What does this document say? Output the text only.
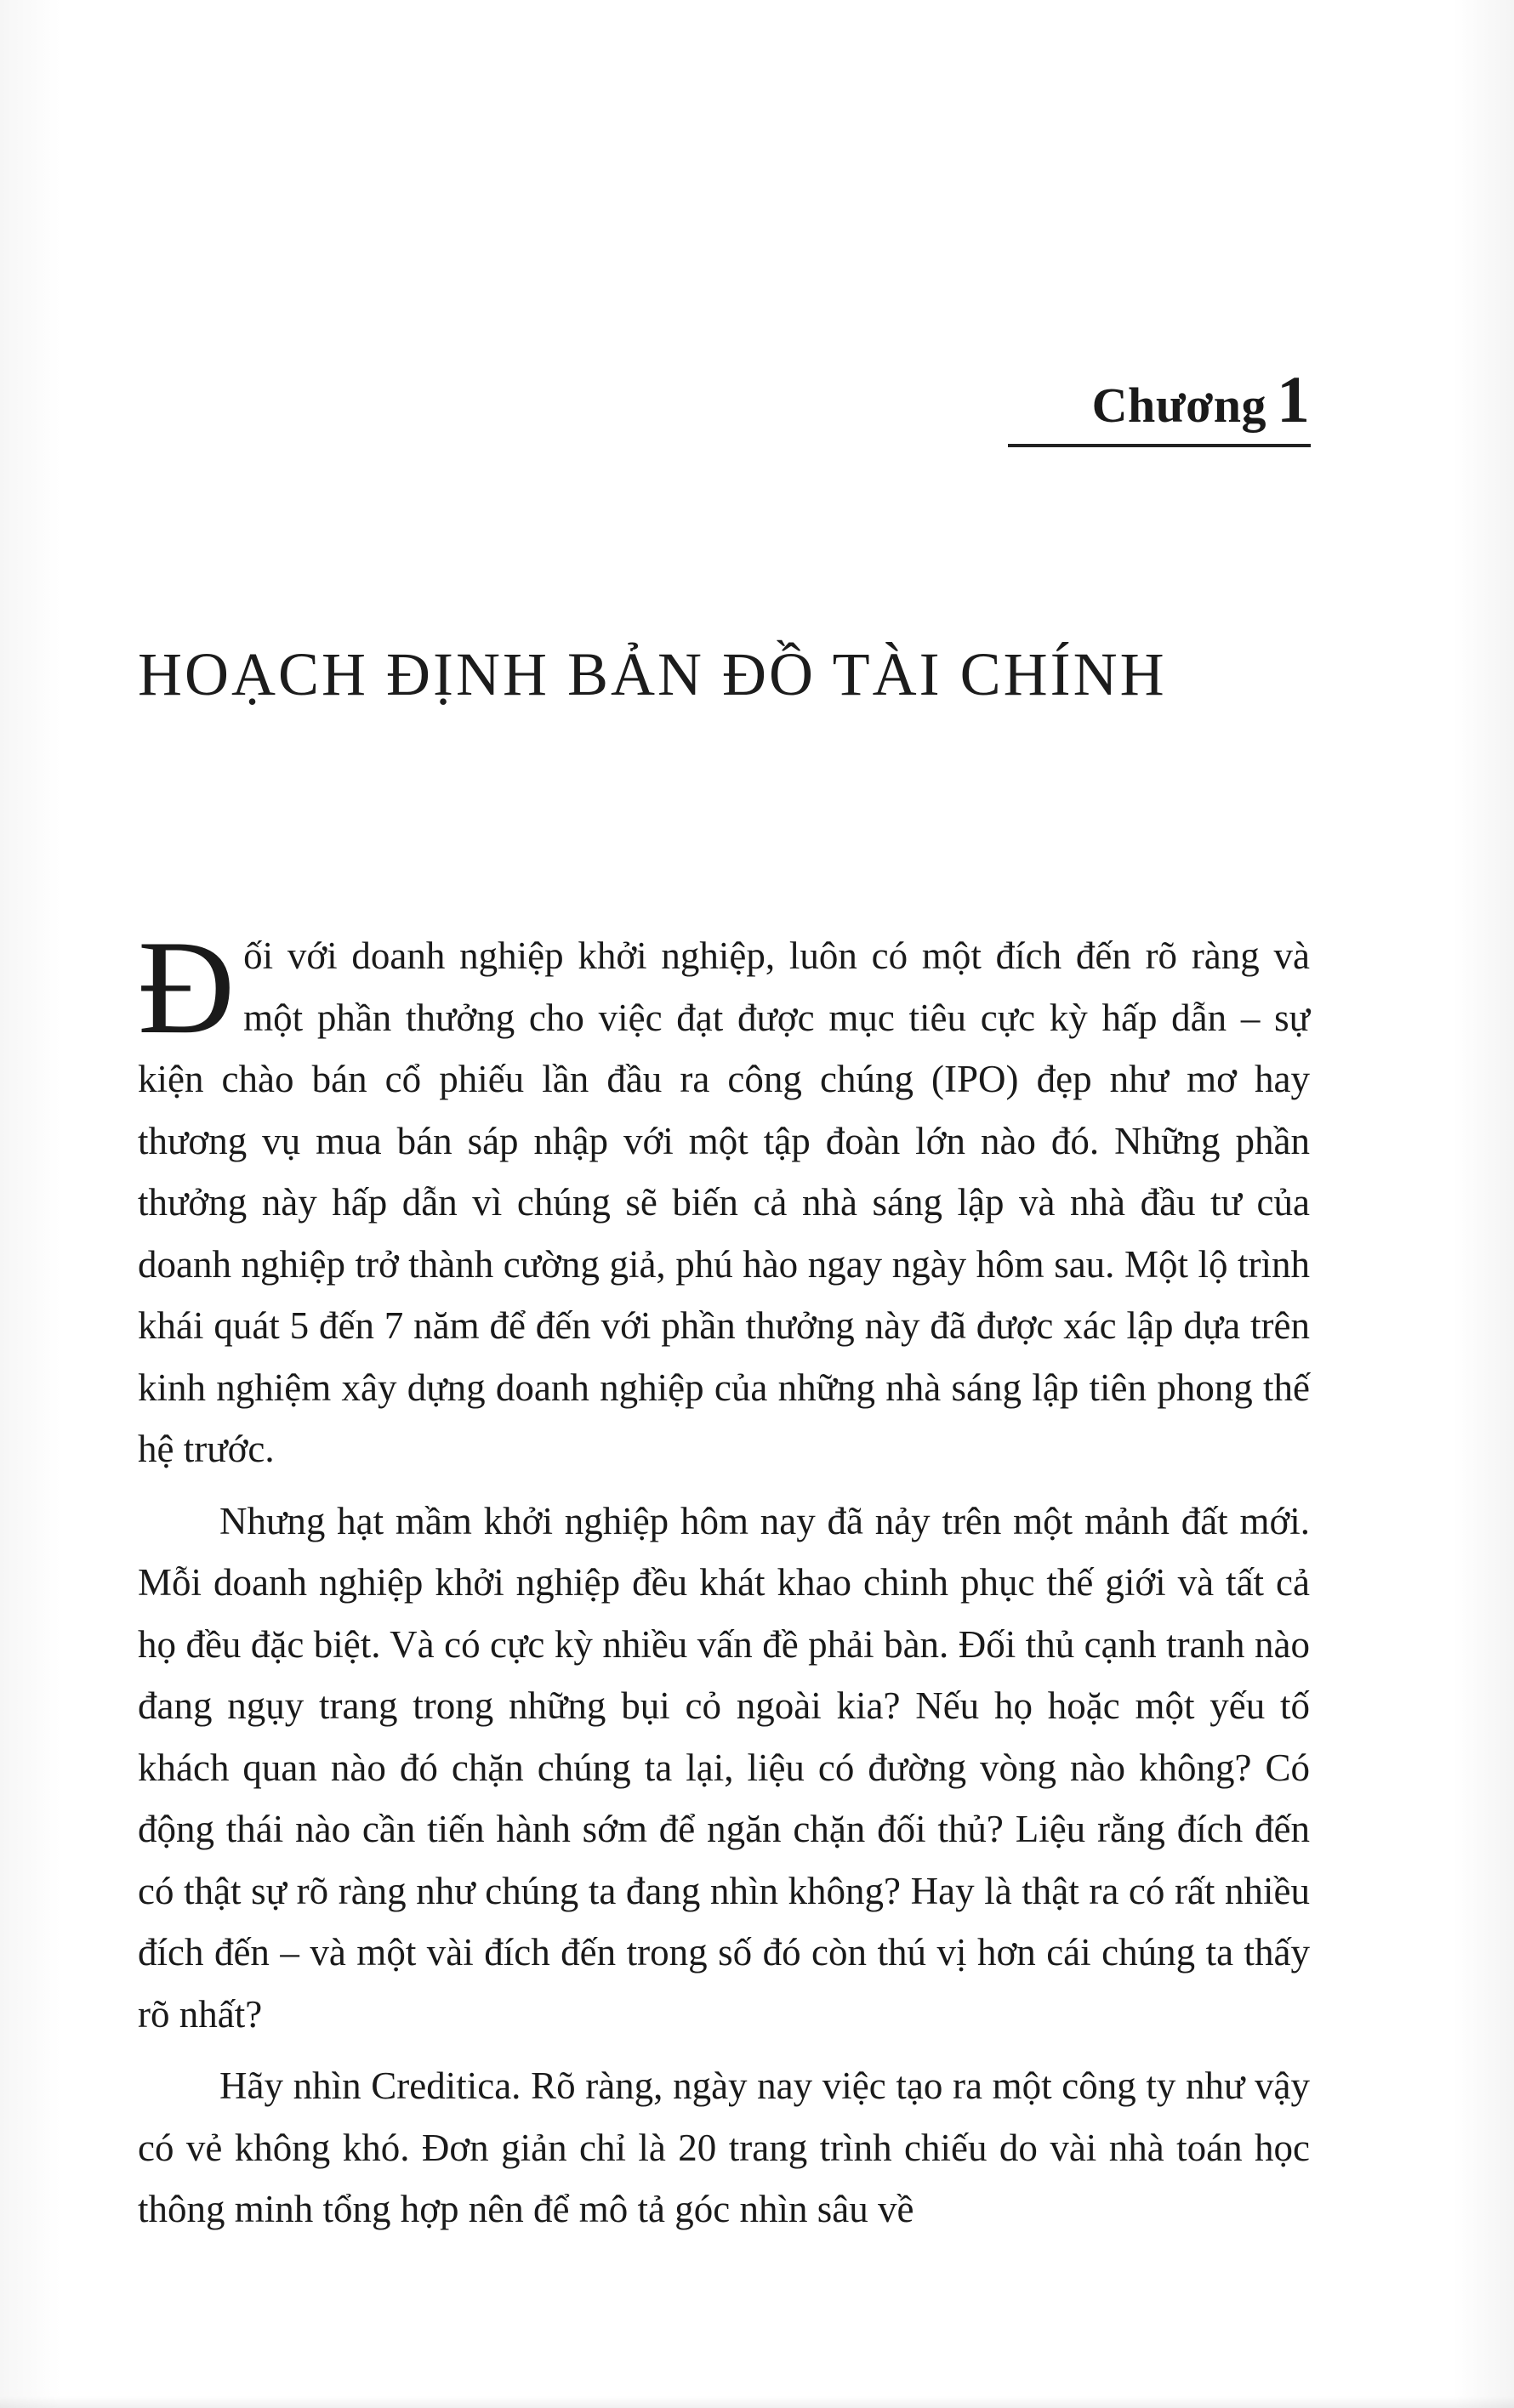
Chương 1
HOẠCH ĐỊNH BẢN ĐỒ TÀI CHÍNH

Đối với doanh nghiệp khởi nghiệp, luôn có một đích đến rõ ràng và một phần thưởng cho việc đạt được mục tiêu cực kỳ hấp dẫn – sự kiện chào bán cổ phiếu lần đầu ra công chúng (IPO) đẹp như mơ hay thương vụ mua bán sáp nhập với một tập đoàn lớn nào đó. Những phần thưởng này hấp dẫn vì chúng sẽ biến cả nhà sáng lập và nhà đầu tư của doanh nghiệp trở thành cường giả, phú hào ngay ngày hôm sau. Một lộ trình khái quát 5 đến 7 năm để đến với phần thưởng này đã được xác lập dựa trên kinh nghiệm xây dựng doanh nghiệp của những nhà sáng lập tiên phong thế hệ trước.

Nhưng hạt mầm khởi nghiệp hôm nay đã nảy trên một mảnh đất mới. Mỗi doanh nghiệp khởi nghiệp đều khát khao chinh phục thế giới và tất cả họ đều đặc biệt. Và có cực kỳ nhiều vấn đề phải bàn. Đối thủ cạnh tranh nào đang ngụy trang trong những bụi cỏ ngoài kia? Nếu họ hoặc một yếu tố khách quan nào đó chặn chúng ta lại, liệu có đường vòng nào không? Có động thái nào cần tiến hành sớm để ngăn chặn đối thủ? Liệu rằng đích đến có thật sự rõ ràng như chúng ta đang nhìn không? Hay là thật ra có rất nhiều đích đến – và một vài đích đến trong số đó còn thú vị hơn cái chúng ta thấy rõ nhất?

Hãy nhìn Creditica. Rõ ràng, ngày nay việc tạo ra một công ty như vậy có vẻ không khó. Đơn giản chỉ là 20 trang trình chiếu do vài nhà toán học thông minh tổng hợp nên để mô tả góc nhìn sâu về
